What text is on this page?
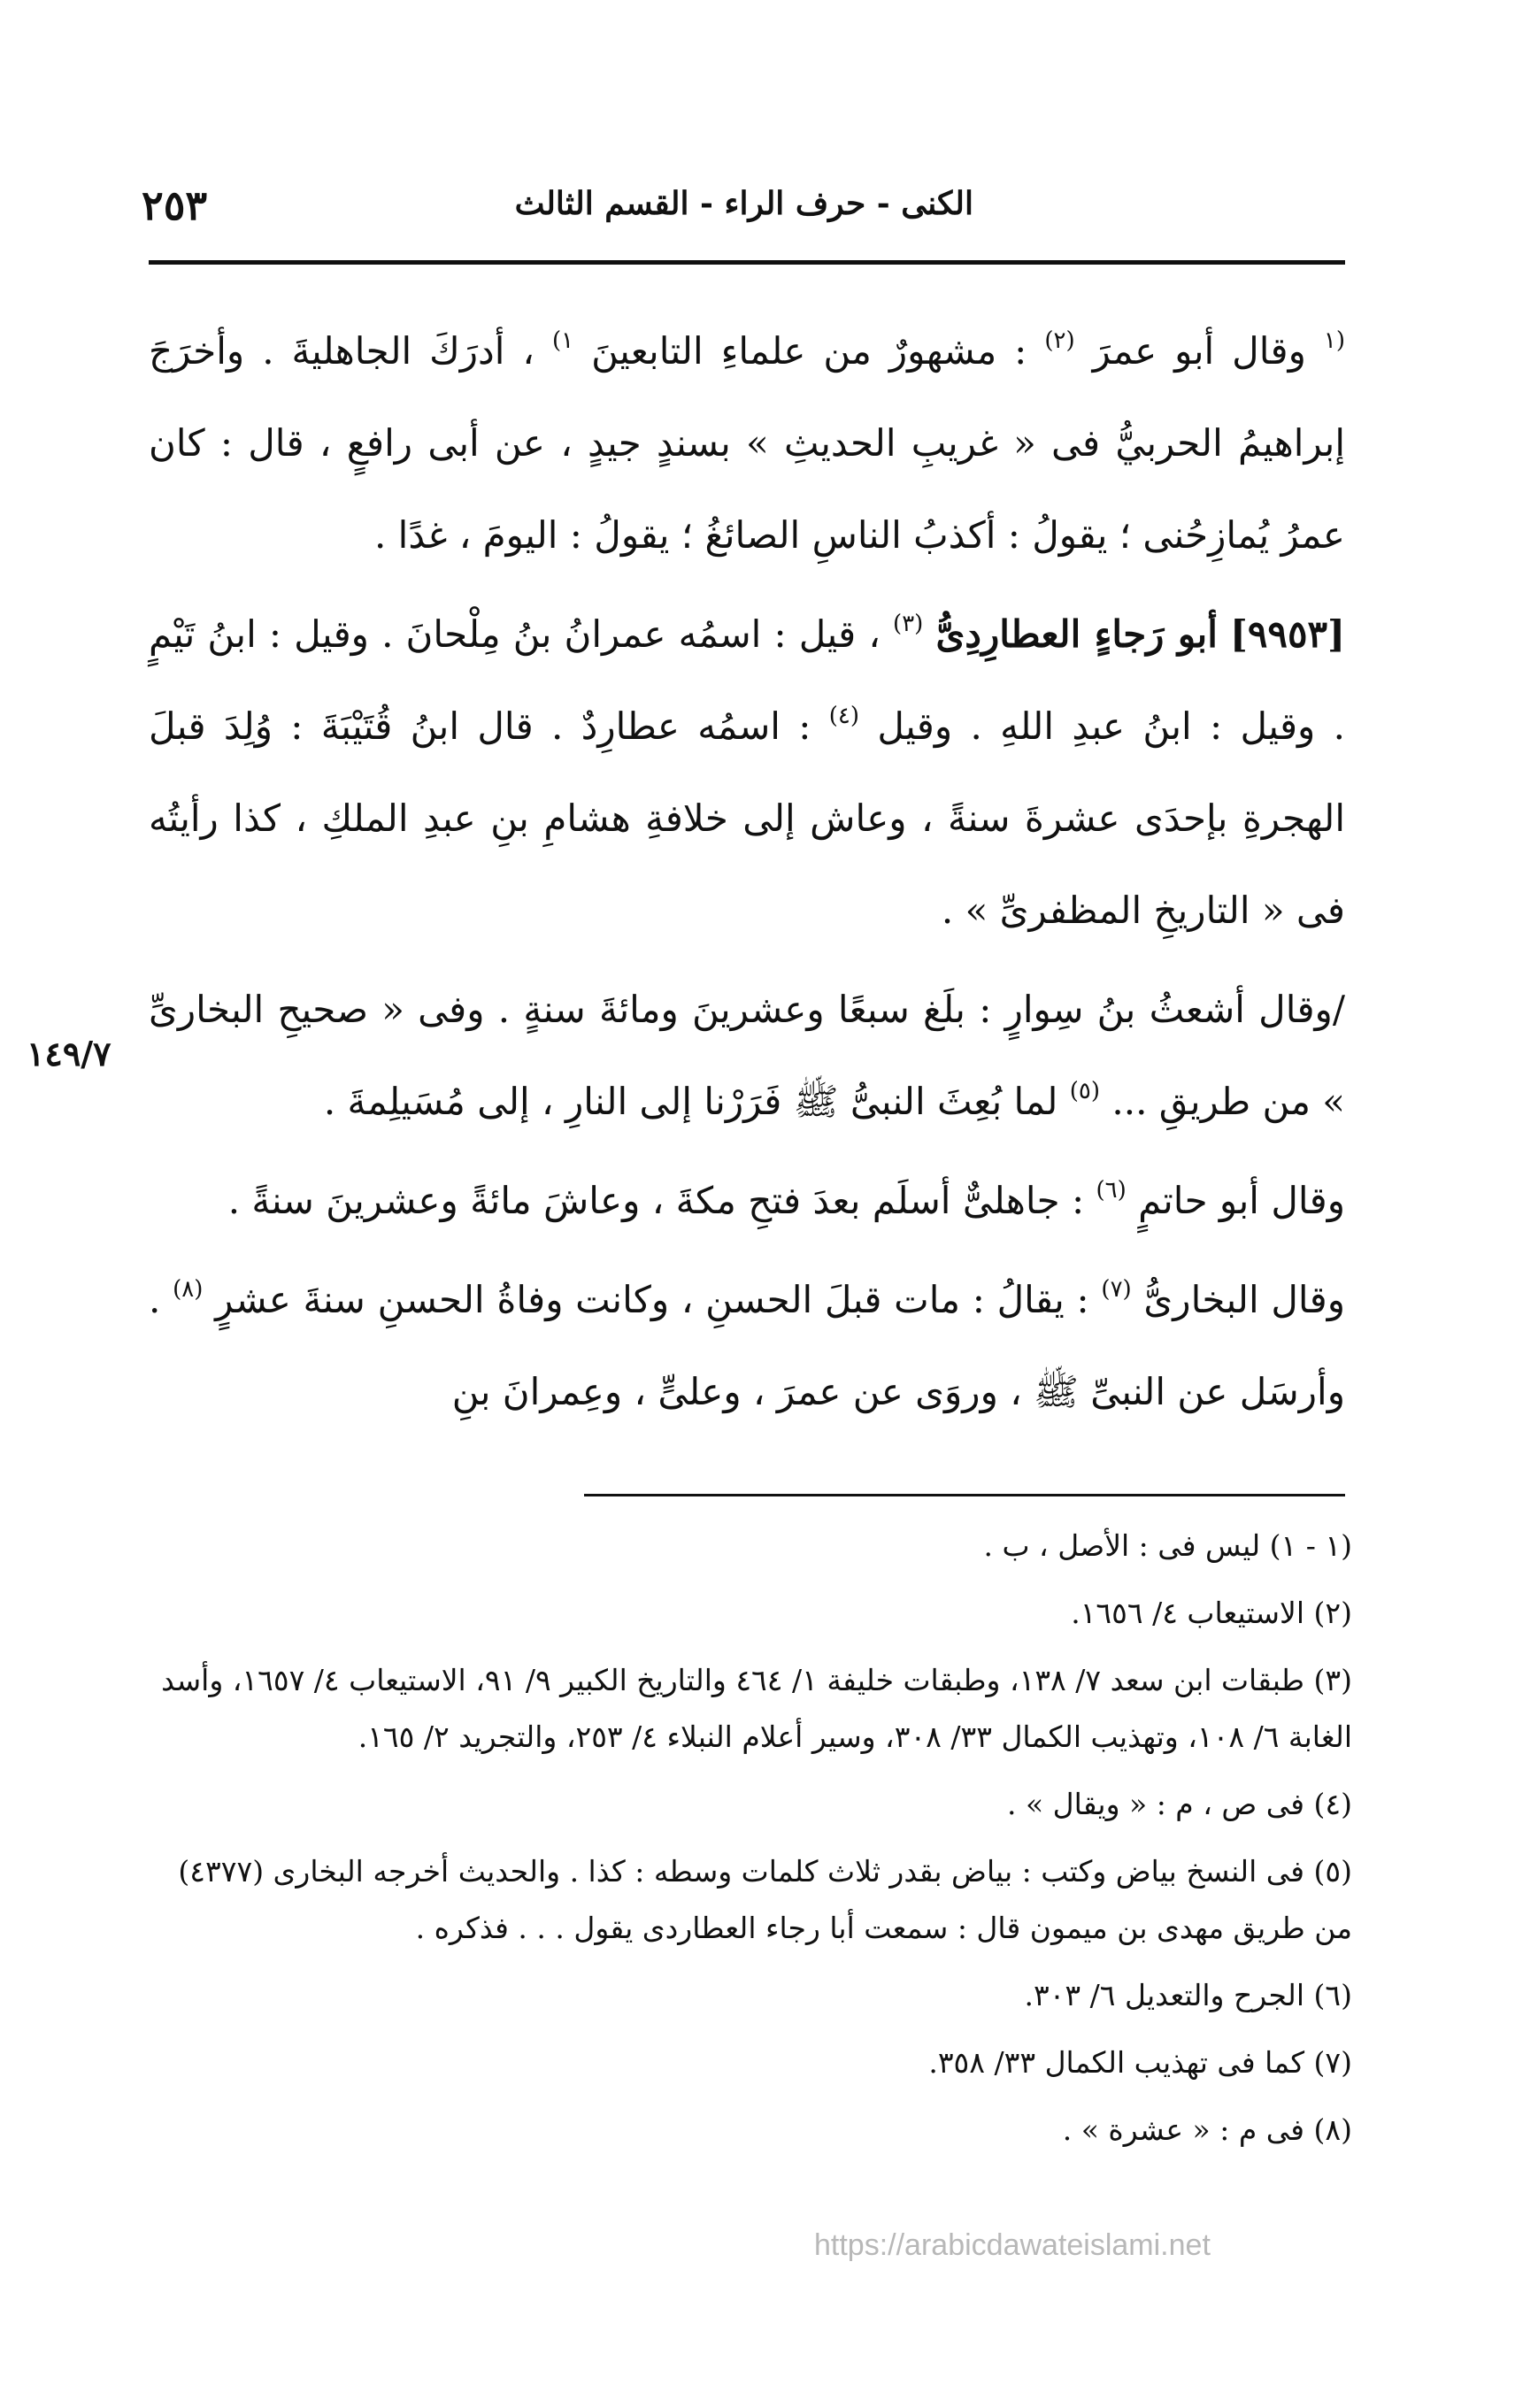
٢٥٣	الكنى - حرف الراء - القسم الثالث

$^{(١}$ وقال أبو عمرَ $^{(٢)}$ : مشهورٌ من علماءِ التابعينَ $^{١)}$ ، أدرَكَ الجاهليةَ . وأخرَجَ إبراهيمُ الحربيُّ فى « غريبِ الحديثِ » بسندٍ جيدٍ ، عن أبى رافعٍ ، قال : كان عمرُ يُمازِحُنى ؛ يقولُ : أكذبُ الناسِ الصائغُ ؛ يقولُ : اليومَ ، غدًا .

[٩٩٥٣] أبو رَجاءٍ العطارِدِىُّ $^{(٣)}$ ، قيل : اسمُه عمرانُ بنُ مِلْحانَ . وقيل : ابنُ تَيْمٍ . وقيل : ابنُ عبدِ اللهِ . وقيل $^{(٤)}$ : اسمُه عطارِدٌ . قال ابنُ قُتَيْبَةَ : وُلِدَ قبلَ الهجرةِ بإحدَى عشرةَ سنةً ، وعاش إلى خلافةِ هشامِ بنِ عبدِ الملكِ ، كذا رأيتُه فى « التاريخِ المظفرىِّ » .

/وقال أشعثُ بنُ سِوارٍ : بلَغ سبعًا وعشرينَ ومائةَ سنةٍ . وفى « صحيحِ البخارىِّ » من طريقِ ... $^{(٥)}$ لما بُعِثَ النبىُّ ﷺ فَرَرْنا إلى النارِ ، إلى مُسَيلِمةَ .

وقال أبو حاتمٍ $^{(٦)}$ : جاهلىٌّ أسلَم بعدَ فتحِ مكةَ ، وعاشَ مائةً وعشرينَ سنةً .

وقال البخارىُّ $^{(٧)}$ : يقالُ : مات قبلَ الحسنِ ، وكانت وفاةُ الحسنِ سنةَ عشرٍ $^{(٨)}$ . وأرسَل عن النبىِّ ﷺ ، وروَى عن عمرَ ، وعلىٍّ ، وعِمرانَ بنِ

١٤٩/٧

(١ - ١) ليس فى : الأصل ، ب .

(٢) الاستيعاب ٤/ ١٦٥٦.

(٣) طبقات ابن سعد ٧/ ١٣٨، وطبقات خليفة ١/ ٤٦٤ والتاريخ الكبير ٩/ ٩١، الاستيعاب ٤/ ١٦٥٧، وأسد الغابة ٦/ ١٠٨، وتهذيب الكمال ٣٣/ ٣٠٨، وسير أعلام النبلاء ٤/ ٢٥٣، والتجريد ٢/ ١٦٥.

(٤) فى ص ، م : « ويقال » .

(٥) فى النسخ بياض وكتب : بياض بقدر ثلاث كلمات وسطه : كذا . والحديث أخرجه البخارى (٤٣٧٧) من طريق مهدى بن ميمون قال : سمعت أبا رجاء العطاردى يقول . . . فذكره .

(٦) الجرح والتعديل ٦/ ٣٠٣.

(٧) كما فى تهذيب الكمال ٣٣/ ٣٥٨.

(٨) فى م : « عشرة » .

https://arabicdawateislami.net
